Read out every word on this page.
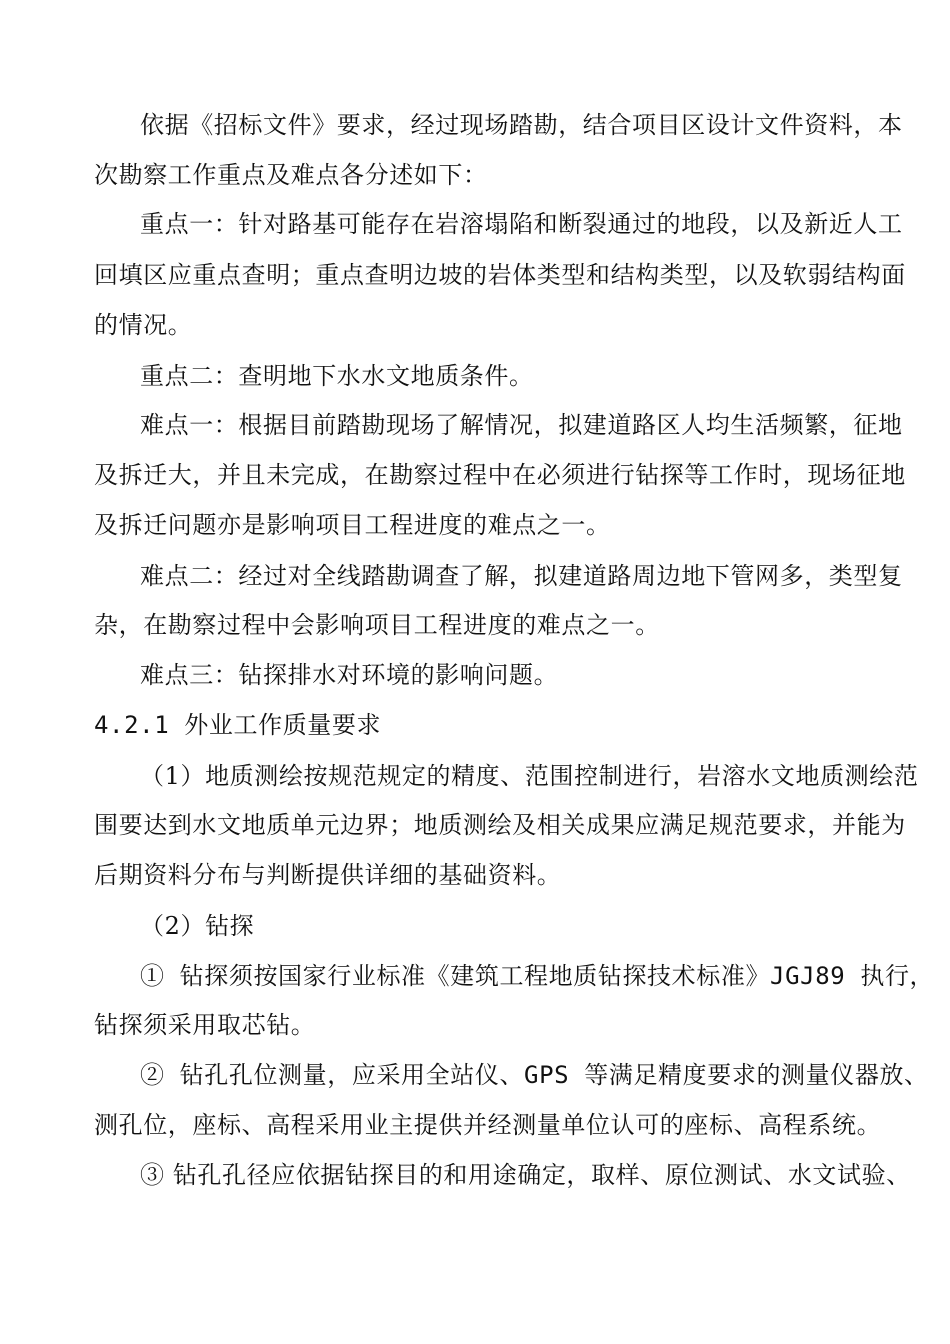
依据《招标文件》要求，经过现场踏勘，结合项目区设计文件资料，本
次勘察工作重点及难点各分述如下：
重点一：针对路基可能存在岩溶塌陷和断裂通过的地段，以及新近人工
回填区应重点查明；重点查明边坡的岩体类型和结构类型，以及软弱结构面
的情况。
重点二：查明地下水水文地质条件。
难点一：根据目前踏勘现场了解情况，拟建道路区人均生活频繁，征地
及拆迁大，并且未完成，在勘察过程中在必须进行钻探等工作时，现场征地
及拆迁问题亦是影响项目工程进度的难点之一。
难点二：经过对全线踏勘调查了解，拟建道路周边地下管网多，类型复
杂，在勘察过程中会影响项目工程进度的难点之一。
难点三：钻探排水对环境的影响问题。
4.2.1 外业工作质量要求
（1）地质测绘按规范规定的精度、范围控制进行，岩溶水文地质测绘范
围要达到水文地质单元边界；地质测绘及相关成果应满足规范要求，并能为
后期资料分布与判断提供详细的基础资料。
（2）钻探
① 钻探须按国家行业标准《建筑工程地质钻探技术标准》JGJ89 执行，
钻探须采用取芯钻。
② 钻孔孔位测量，应采用全站仪、GPS 等满足精度要求的测量仪器放、
测孔位，座标、高程采用业主提供并经测量单位认可的座标、高程系统。
③ 钻孔孔径应依据钻探目的和用途确定，取样、原位测试、水文试验、
